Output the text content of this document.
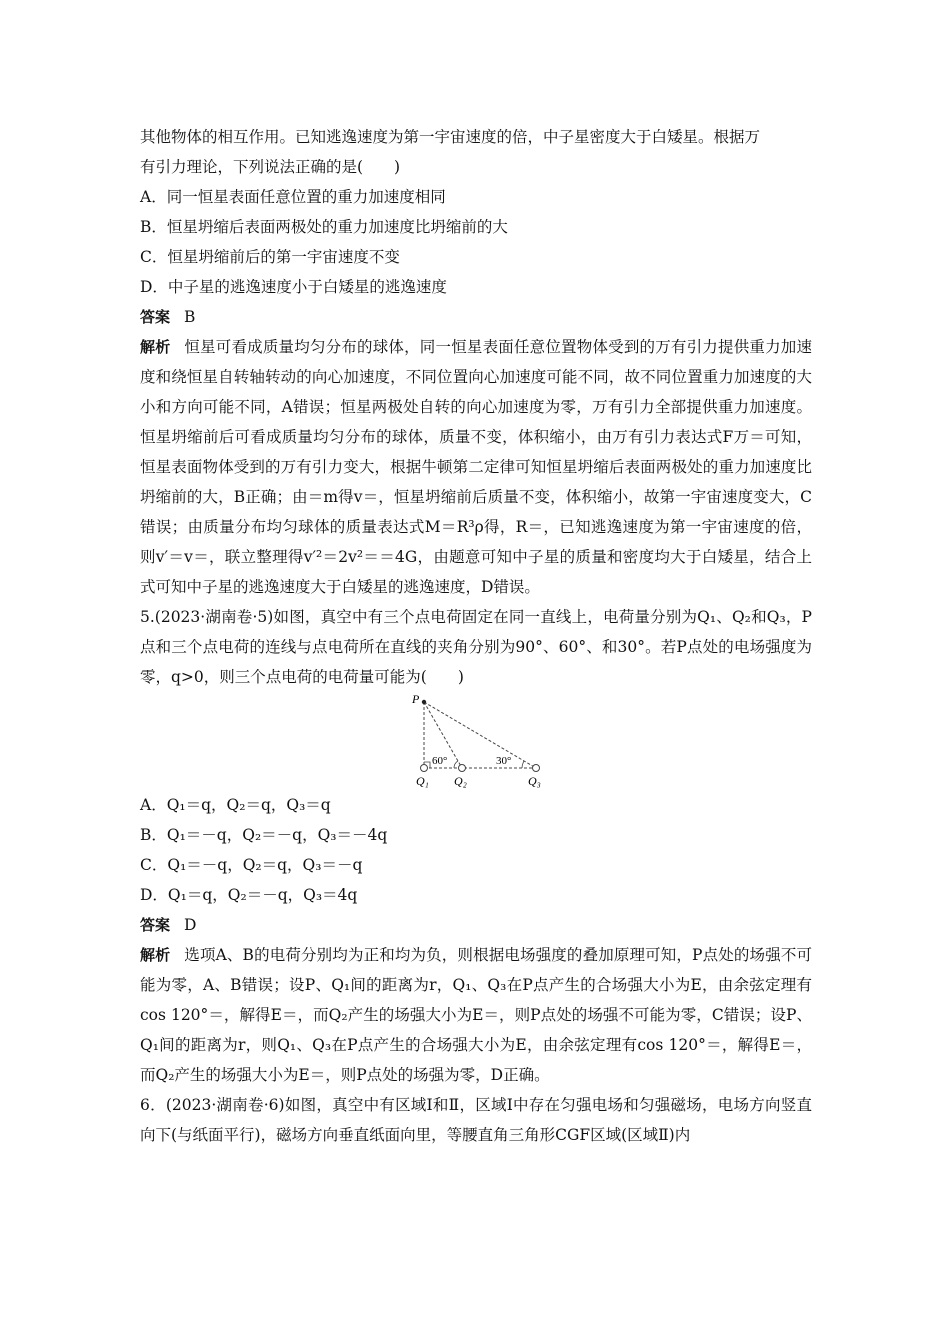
其他物体的相互作用。已知逃逸速度为第一宇宙速度的倍，中子星密度大于白矮星。根据万
有引力理论，下列说法正确的是(　　)
A．同一恒星表面任意位置的重力加速度相同
B．恒星坍缩后表面两极处的重力加速度比坍缩前的大
C．恒星坍缩前后的第一宇宙速度不变
D．中子星的逃逸速度小于白矮星的逃逸速度
答案 B
解析 恒星可看成质量均匀分布的球体，同一恒星表面任意位置物体受到的万有引力提供重力加速度和绕恒星自转轴转动的向心加速度，不同位置向心加速度可能不同，故不同位置重力加速度的大小和方向可能不同，A错误；恒星两极处自转的向心加速度为零，万有引力全部提供重力加速度。恒星坍缩前后可看成质量均匀分布的球体，质量不变，体积缩小，由万有引力表达式F万＝可知，恒星表面物体受到的万有引力变大，根据牛顿第二定律可知恒星坍缩后表面两极处的重力加速度比坍缩前的大，B正确；由＝m得v＝，恒星坍缩前后质量不变，体积缩小，故第一宇宙速度变大，C错误；由质量分布均匀球体的质量表达式M＝R³ρ得，R＝，已知逃逸速度为第一宇宙速度的倍，则v′＝v＝，联立整理得v′²＝2v²＝＝4G，由题意可知中子星的质量和密度均大于白矮星，结合上式可知中子星的逃逸速度大于白矮星的逃逸速度，D错误。
5.(2023·湖南卷·5)如图，真空中有三个点电荷固定在同一直线上，电荷量分别为Q₁、Q₂和Q₃，P点和三个点电荷的连线与点电荷所在直线的夹角分别为90°、60°、和30°。若P点处的电场强度为零，q>0，则三个点电荷的电荷量可能为(　　)
P
60°	30°
Q₁ Q₂	Q₃
A．Q₁＝q，Q₂＝q，Q₃＝q
B．Q₁＝－q，Q₂＝－q，Q₃＝－4q
C．Q₁＝－q，Q₂＝q，Q₃＝－q
D．Q₁＝q，Q₂＝－q，Q₃＝4q
答案 D
解析 选项A、B的电荷分别均为正和均为负，则根据电场强度的叠加原理可知，P点处的场强不可能为零，A、B错误；设P、Q₁间的距离为r，Q₁、Q₃在P点产生的合场强大小为E，由余弦定理有cos 120°＝，解得E＝，而Q₂产生的场强大小为E＝，则P点处的场强不可能为零，C错误；设P、Q₁间的距离为r，则Q₁、Q₃在P点产生的合场强大小为E，由余弦定理有cos 120°＝，解得E＝，而Q₂产生的场强大小为E＝，则P点处的场强为零，D正确。
6．(2023·湖南卷·6)如图，真空中有区域Ⅰ和Ⅱ，区域Ⅰ中存在匀强电场和匀强磁场，电场方向竖直向下(与纸面平行)，磁场方向垂直纸面向里，等腰直角三角形CGF区域(区域Ⅱ)内
